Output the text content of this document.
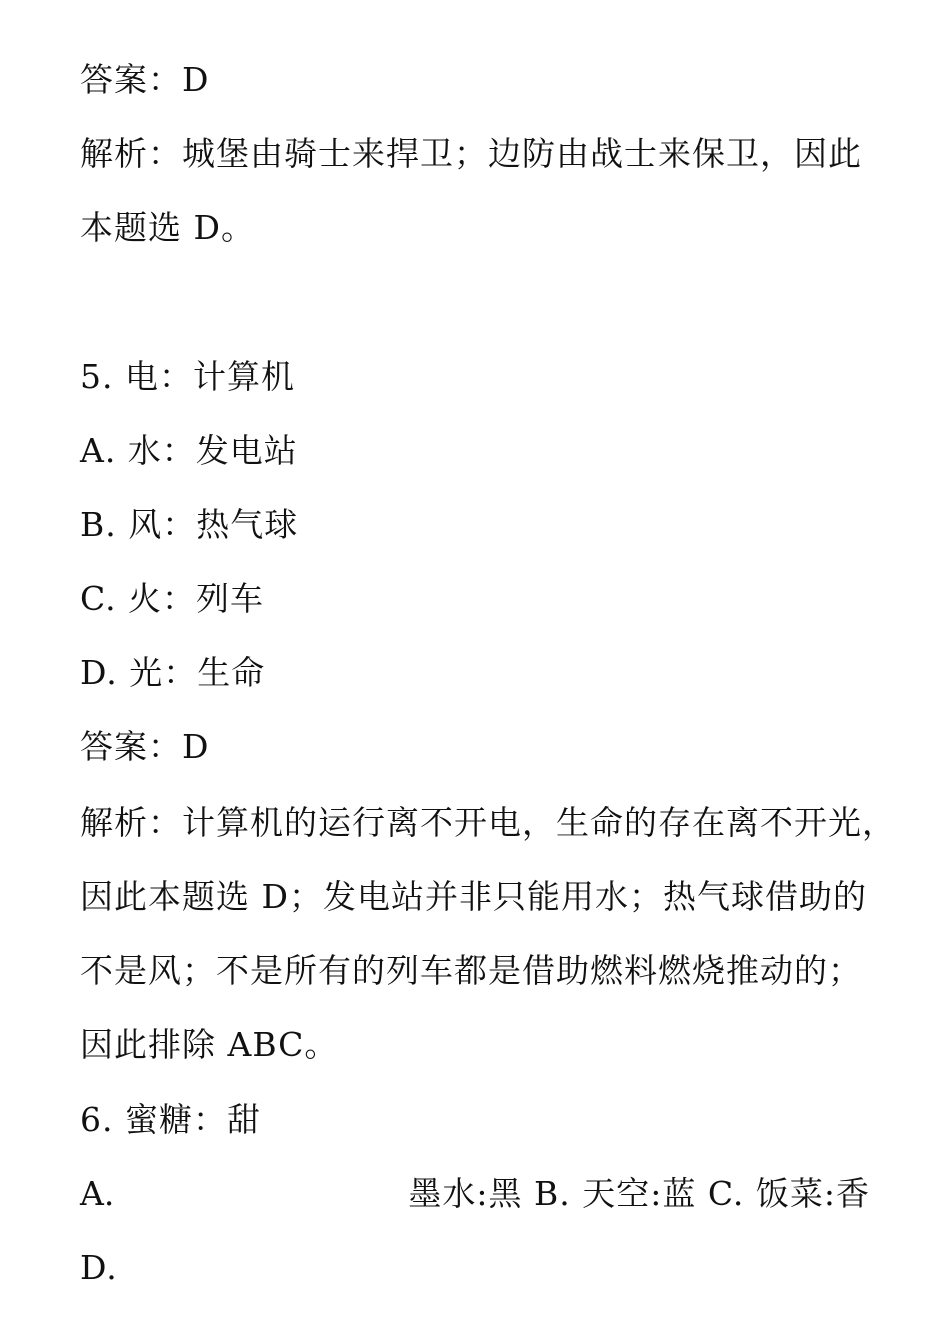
答案：D
解析：城堡由骑士来捍卫；边防由战士来保卫，因此
本题选 D。
5. 电：计算机
A. 水：发电站
B. 风：热气球
C. 火：列车
D. 光：生命
答案：D
解析：计算机的运行离不开电，生命的存在离不开光，
因此本题选 D；发电站并非只能用水；热气球借助的
不是风；不是所有的列车都是借助燃料燃烧推动的；
因此排除 ABC。
6. 蜜糖：甜
A.	墨水:黑 B. 天空:蓝 C. 饭菜:香
D.
